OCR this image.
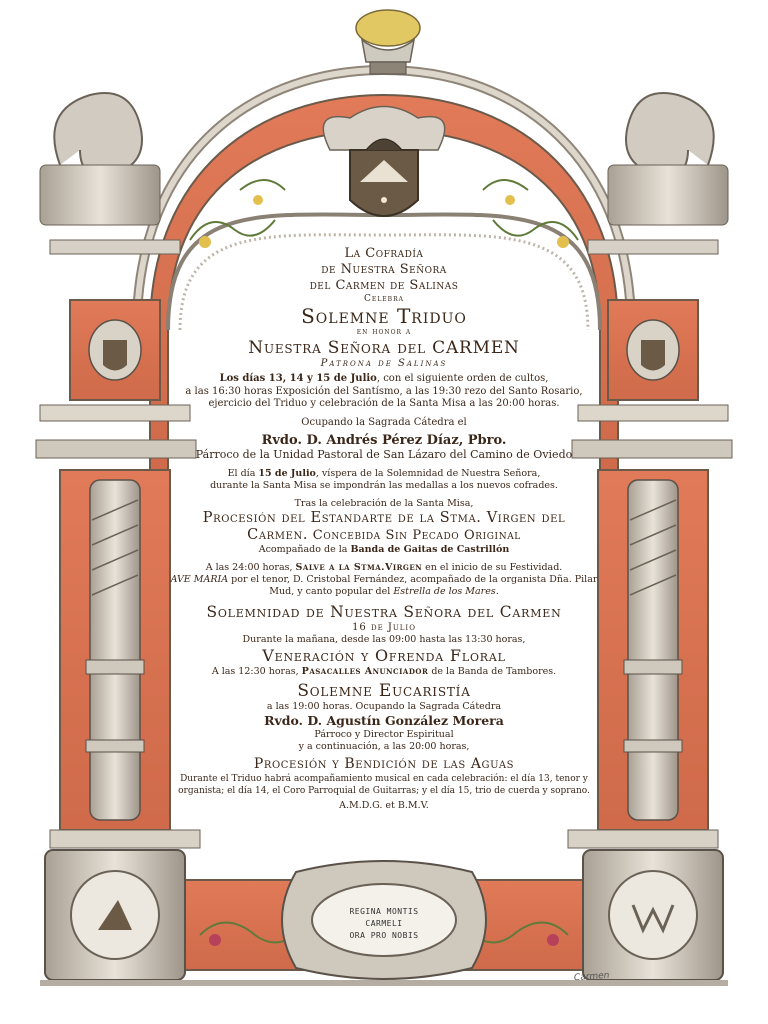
REGINA MONTIS
CARMELI
ORA PRO NOBIS
Carmen
La Cofradía
de Nuestra Señora
del Carmen de Salinas
Celebra
Solemne Triduo
en honor a
Nuestra Señora del CARMEN
Patrona de Salinas
Los días 13, 14 y 15 de Julio, con el siguiente orden de cultos,
a las 16:30 horas Exposición del Santísmo, a las 19:30 rezo del Santo Rosario,
ejercicio del Triduo y celebración de la Santa Misa a las 20:00 horas.
Ocupando la Sagrada Cátedra el
Rvdo. D. Andrés Pérez Díaz, Pbro.
Párroco de la Unidad Pastoral de San Lázaro del Camino de Oviedo
El día 15 de Julio, víspera de la Solemnidad de Nuestra Señora,
durante la Santa Misa se impondrán las medallas a los nuevos cofrades.
Tras la celebración de la Santa Misa,
Procesión del Estandarte de la Stma. Virgen del
Carmen. Concebida Sin Pecado Original
Acompañado de la Banda de Gaitas de Castrillón
A las 24:00 horas, Salve a la Stma.Virgen en el inicio de su Festividad.
AVE MARIA por el tenor, D. Cristobal Fernández, acompañado de la organista Dña. Pilar
Mud, y canto popular del Estrella de los Mares.
Solemnidad de Nuestra Señora del Carmen
16 de Julio
Durante la mañana, desde las 09:00 hasta las 13:30 horas,
Veneración y Ofrenda Floral
A las 12:30 horas, Pasacalles Anunciador de la Banda de Tambores.
Solemne Eucaristía
a las 19:00 horas. Ocupando la Sagrada Cátedra
Rvdo. D. Agustín González Morera
Párroco y Director Espiritual
y a continuación, a las 20:00 horas,
Procesión y Bendición de las Aguas
Durante el Triduo habrá acompañamiento musical en cada celebración: el día 13, tenor y
organista; el día 14, el Coro Parroquial de Guitarras; y el día 15, trio de cuerda y soprano.
A.M.D.G. et B.M.V.
